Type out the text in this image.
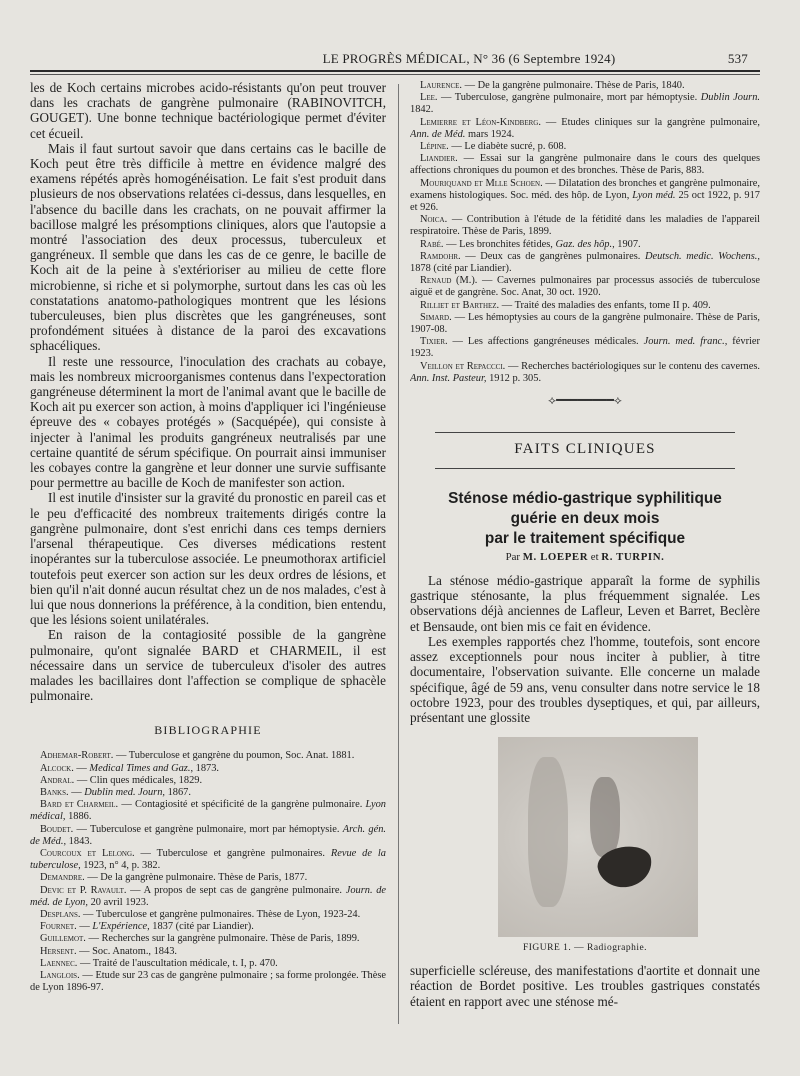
LE PROGRÈS MÉDICAL, N° 36 (6 Septembre 1924)	537

les de Koch certains microbes acido-résistants qu'on peut trouver dans les crachats de gangrène pulmonaire (RABINOVITCH, GOUGET). Une bonne technique bactériologique permet d'éviter cet écueil.

Mais il faut surtout savoir que dans certains cas le bacille de Koch peut être très difficile à mettre en évidence malgré des examens répétés après homogénéisation. Le fait s'est produit dans plusieurs de nos observations relatées ci-dessus, dans lesquelles, en l'absence du bacille dans les crachats, on ne pouvait affirmer la bacillose malgré les présomptions cliniques, alors que l'autopsie a montré l'association des deux processus, tuberculeux et gangréneux. Il semble que dans les cas de ce genre, le bacille de Koch ait de la peine à s'extérioriser au milieu de cette flore microbienne, si riche et si polymorphe, surtout dans les cas où les constatations anatomo-pathologiques montrent que les lésions tuberculeuses, bien plus discrètes que les gangréneuses, sont profondément situées à distance de la paroi des excavations sphacéliques.

Il reste une ressource, l'inoculation des crachats au cobaye, mais les nombreux microorganismes contenus dans l'expectoration gangréneuse déterminent la mort de l'animal avant que le bacille de Koch ait pu exercer son action, à moins d'appliquer ici l'ingénieuse épreuve des « cobayes protégés » (Sacquépée), qui consiste à injecter à l'animal les produits gangréneux neutralisés par une certaine quantité de sérum spécifique. On pourrait ainsi immuniser les cobayes contre la gangrène et leur donner une survie suffisante pour permettre au bacille de Koch de manifester son action.

Il est inutile d'insister sur la gravité du pronostic en pareil cas et le peu d'efficacité des nombreux traitements dirigés contre la gangrène pulmonaire, dont s'est enrichi dans ces temps derniers l'arsenal thérapeutique. Ces diverses médications restent inopérantes sur la tuberculose associée. Le pneumothorax artificiel toutefois peut exercer son action sur les deux ordres de lésions, et bien qu'il n'ait donné aucun résultat chez un de nos malades, c'est à lui que nous donnerions la préférence, à la condition, bien entendu, que les lésions soient unilatérales.

En raison de la contagiosité possible de la gangrène pulmonaire, qu'ont signalée BARD et CHARMEIL, il est nécessaire dans un service de tuberculeux d'isoler des autres malades les bacillaires dont l'affection se complique de sphacèle pulmonaire.

BIBLIOGRAPHIE

Adhemar-Robert. — Tuberculose et gangrène du poumon, Soc. Anat. 1881.

Alcock. — Medical Times and Gaz., 1873.

Andral. — Clin ques médicales, 1829.

Banks. — Dublin med. Journ, 1867.

Bard et Charmeil. — Contagiosité et spécificité de la gangrène pulmonaire. Lyon médical, 1886.

Boudet. — Tuberculose et gangrène pulmonaire, mort par hémoptysie. Arch. gén. de Méd., 1843.

Courcoux et Lelong. — Tuberculose et gangrène pulmonaires. Revue de la tuberculose, 1923, n° 4, p. 382.

Demandre. — De la gangrène pulmonaire. Thèse de Paris, 1877.

Devic et P. Ravault. — A propos de sept cas de gangrène pulmonaire. Journ. de méd. de Lyon, 20 avril 1923.

Desplans. — Tuberculose et gangrène pulmonaires. Thèse de Lyon, 1923-24.

Fournet. — L'Expérience, 1837 (cité par Liandier).

Guillemot. — Recherches sur la gangrène pulmonaire. Thèse de Paris, 1899.

Hersent. — Soc. Anatom., 1843.

Laennec. — Traité de l'auscultation médicale, t. I, p. 470.

Langlois. — Etude sur 23 cas de gangrène pulmonaire ; sa forme prolongée. Thèse de Lyon 1896-97.

Laurence. — De la gangrène pulmonaire. Thèse de Paris, 1840.

Lee. — Tuberculose, gangrène pulmonaire, mort par hémoptysie. Dublin Journ. 1842.

Lemierre et Léon-Kindberg. — Etudes cliniques sur la gangrène pulmonaire, Ann. de Méd. mars 1924.

Lépine. — Le diabète sucré, p. 608.

Liandier. — Essai sur la gangrène pulmonaire dans le cours des quelques affections chroniques du poumon et des bronches. Thèse de Paris, 883.

Mouriquand et Mlle Schoen. — Dilatation des bronches et gangrène pulmonaire, examens histologiques. Soc. méd. des hôp. de Lyon, Lyon méd. 25 oct 1922, p. 917 et 926.

Noica. — Contribution à l'étude de la fétidité dans les maladies de l'appareil respiratoire. Thèse de Paris, 1899.

Rabé. — Les bronchites fétides, Gaz. des hôp., 1907.

Ramdohr. — Deux cas de gangrènes pulmonaires. Deutsch. medic. Wochens., 1878 (cité par Liandier).

Renaud (M.). — Cavernes pulmonaires par processus associés de tuberculose aiguë et de gangrène. Soc. Anat, 30 oct. 1920.

Rilliet et Barthez. — Traité des maladies des enfants, tome II p. 409.

Simard. — Les hémoptysies au cours de la gangrène pulmonaire. Thèse de Paris, 1907-08.

Tixier. — Les affections gangréneuses médicales. Journ. med. franc., février 1923.

Veillon et Repaccci. — Recherches bactériologiques sur le contenu des cavernes. Ann. Inst. Pasteur, 1912 p. 305.

⟡━━━━━━━━⟡
FAITS CLINIQUES
Sténose médio-gastrique syphilitique
guérie en deux mois
par le traitement spécifique
Par M. LOEPER et R. TURPIN.

La sténose médio-gastrique apparaît la forme de syphilis gastrique sténosante, la plus fréquemment signalée. Les observations déjà anciennes de Lafleur, Leven et Barret, Beclère et Bensaude, ont bien mis ce fait en évidence.

Les exemples rapportés chez l'homme, toutefois, sont encore assez exceptionnels pour nous inciter à publier, à titre documentaire, l'observation suivante. Elle concerne un malade spécifique, âgé de 59 ans, venu consulter dans notre service le 18 octobre 1923, pour des troubles dyseptiques, et qui, par ailleurs, présentant une glossite

FIGURE 1. — Radiographie.

superficielle scléreuse, des manifestations d'aortite et donnait une réaction de Bordet positive. Les troubles gastriques constatés étaient en rapport avec une sténose mé-
